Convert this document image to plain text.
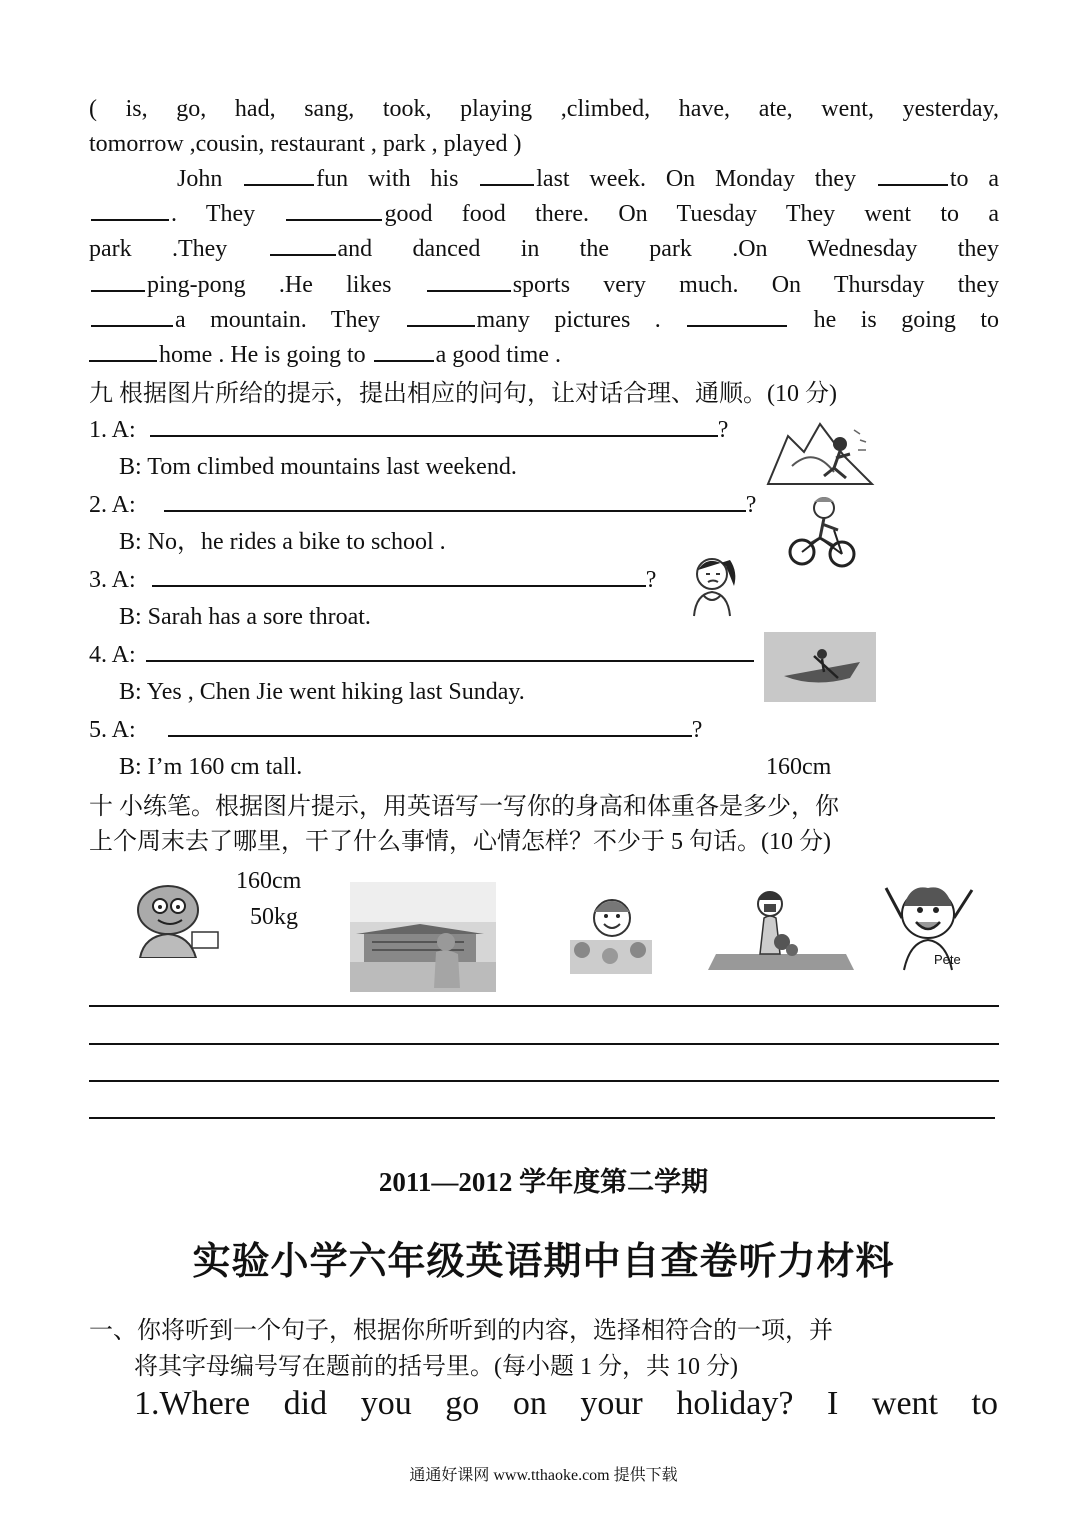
( is, go, had, sang, took, playing ,climbed, have, ate, went, yesterday,
tomorrow ,cousin, restaurant , park , played )
John	fun with his	last week. On Monday they	to a
. They	good food there. On Tuesday They went to a
park .They	and danced in the park .On Wednesday they
ping-pong .He likes	sports very much. On Thursday they
a mountain. They	many pictures .	he is going to
home . He is going to	a good time .
九 根据图片所给的提示，提出相应的问句，让对话合理、通顺。(10 分)
1. A:	?
B: Tom climbed mountains last weekend.
2. A:	?
B: No，he rides a bike to school .
3. A:	?
B: Sarah has a sore throat.
4. A:
B: Yes , Chen Jie went hiking last Sunday.
5. A:	?
B: I’m 160 cm tall.	160cm
十 小练笔。根据图片提示，用英语写一写你的身高和体重各是多少，你
上个周末去了哪里，干了什么事情，心情怎样？不少于 5 句话。(10 分)
160cm
50kg
Pete
2011—2012 学年度第二学期
实验小学六年级英语期中自查卷听力材料
一、你将听到一个句子，根据你所听到的内容，选择相符合的一项，并
将其字母编号写在题前的括号里。(每小题 1 分，共 10 分)
1.Where did you go on your holiday? I went to
通通好课网 www.tthaoke.com 提供下载
